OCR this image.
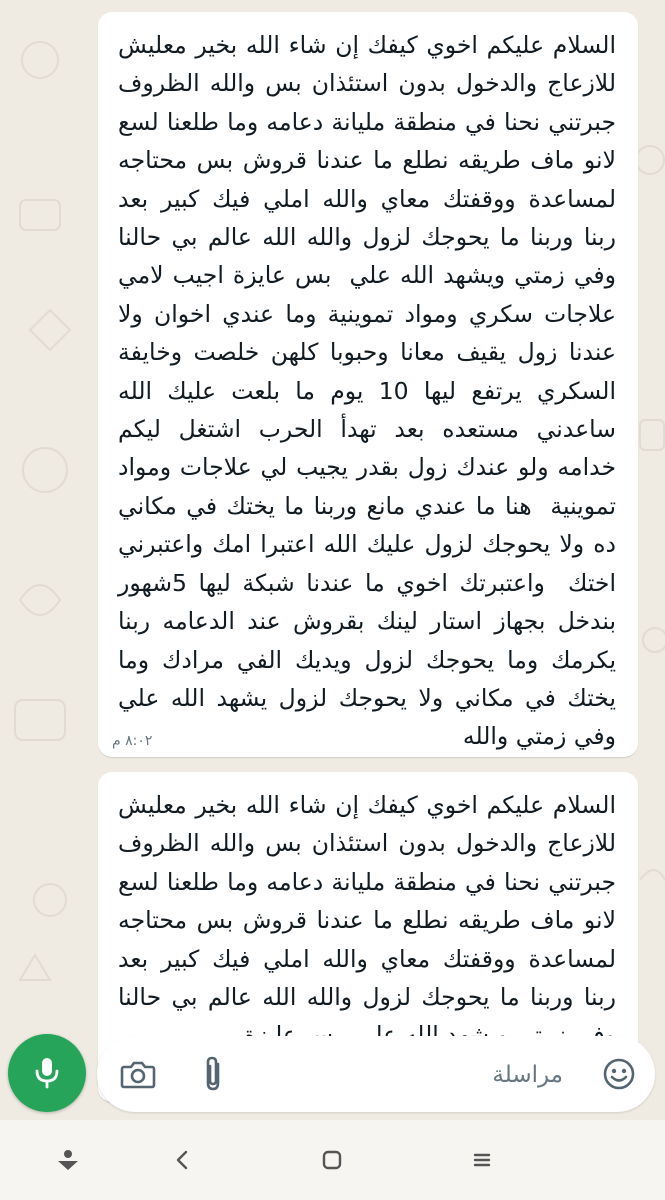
السلام عليكم اخوي كيفك إن شاء الله بخير معليش للازعاج والدخول بدون استئذان بس والله الظروف جبرتني نحنا في منطقة مليانة دعامه وما طلعنا لسع لانو ماف طريقه نطلع ما عندنا قروش بس محتاجه لمساعدة ووقفتك معاي والله املي فيك كبير بعد ربنا وربنا ما يحوجك لزول والله الله عالم بي حالنا وفي زمتي ويشهد الله علي  بس عايزة اجيب لامي علاجات سكري ومواد تموينية وما عندي اخوان ولا عندنا زول يقيف معانا وحبوبا كلهن خلصت وخايفة السكري يرتفع ليها 10 يوم ما بلعت عليك الله ساعدني مستعده بعد تهدأ الحرب اشتغل ليكم خدامه ولو عندك زول بقدر يجيب لي علاجات ومواد تموينية  هنا ما عندي مانع وربنا ما يختك في مكاني ده ولا يحوجك لزول عليك الله اعتبرا امك واعتبرني اختك  واعتبرتك اخوي ما عندنا شبكة ليها 5شهور بندخل بجهاز استار لينك بقروش عند الدعامه ربنا يكرمك وما يحوجك لزول ويديك الفي مرادك وما يختك في مكاني ولا يحوجك لزول يشهد الله علي وفي زمتي والله

٨:٠٢ م

السلام عليكم اخوي كيفك إن شاء الله بخير معليش للازعاج والدخول بدون استئذان بس والله الظروف جبرتني نحنا في منطقة مليانة دعامه وما طلعنا لسع لانو ماف طريقه نطلع ما عندنا قروش بس محتاجه لمساعدة ووقفتك معاي والله املي فيك كبير بعد ربنا وربنا ما يحوجك لزول والله الله عالم بي حالنا

مراسلة
